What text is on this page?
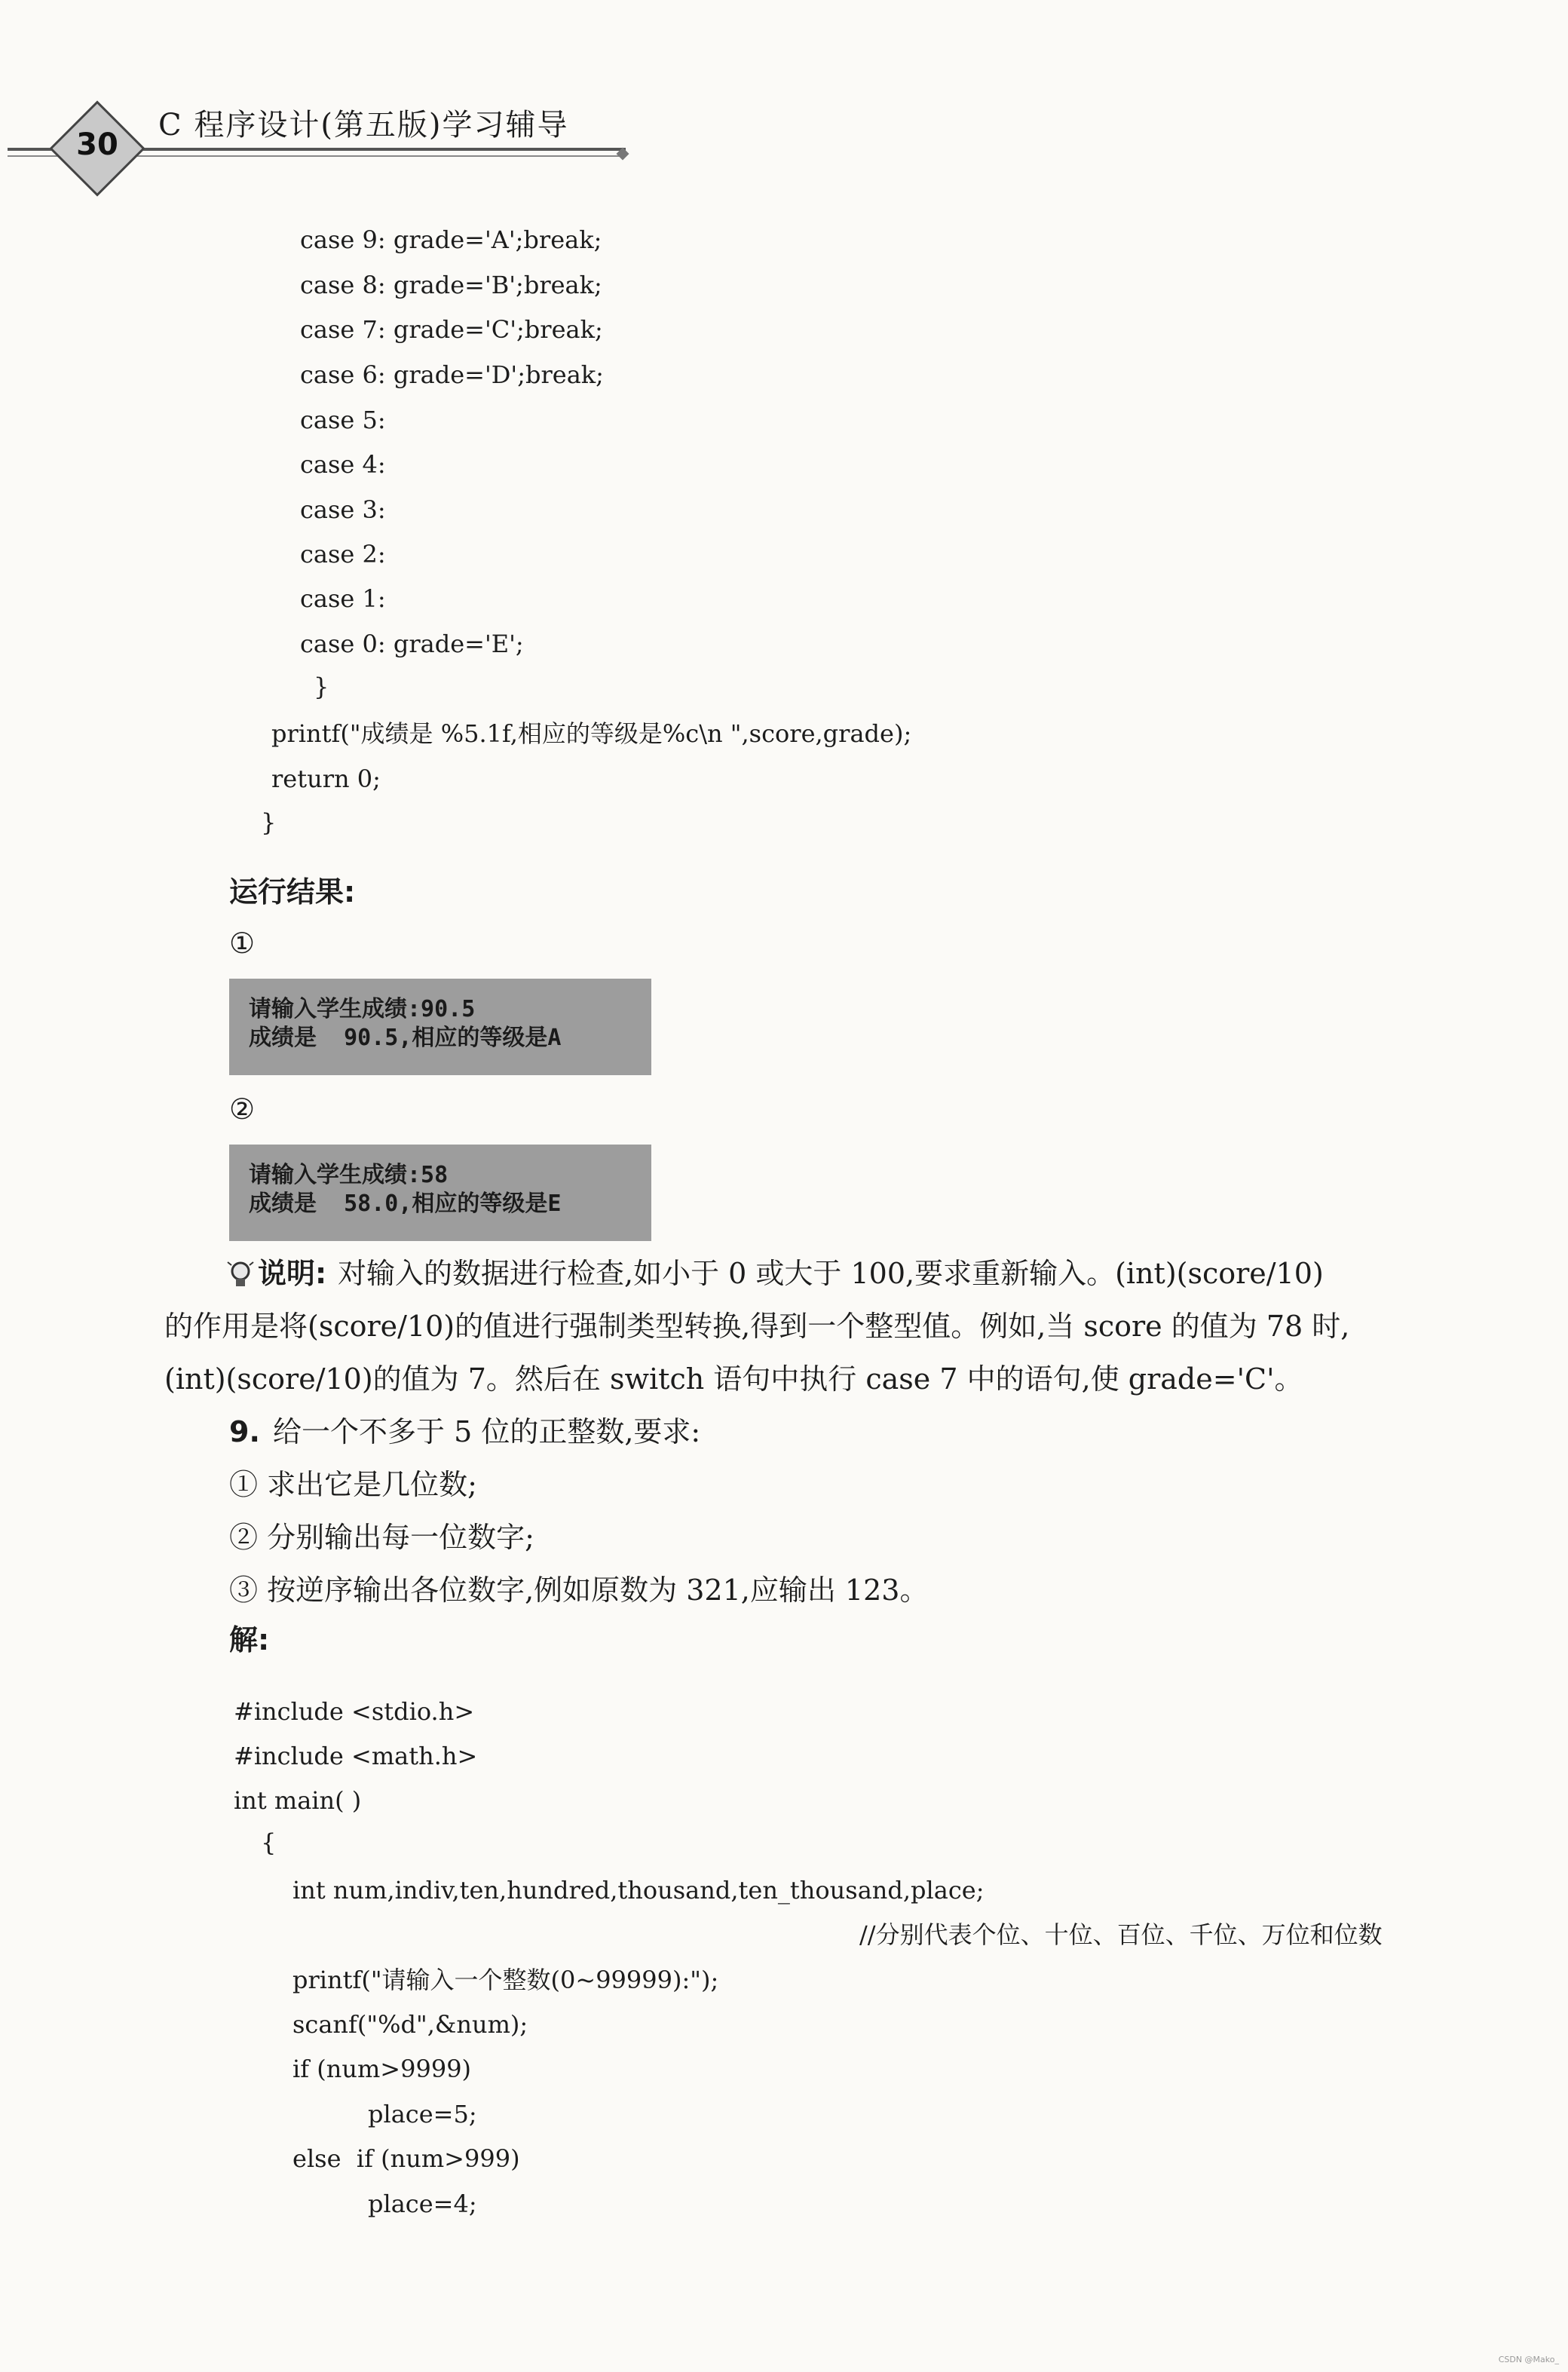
30
C 程序设计(第五版)学习辅导
case 9: grade='A';break;
case 8: grade='B';break;
case 7: grade='C';break;
case 6: grade='D';break;
case 5:
case 4:
case 3:
case 2:
case 1:
case 0: grade='E';
}
printf("成绩是 %5.1f,相应的等级是%c\n ",score,grade);
return 0;
}
运行结果:
①
请输入学生成绩:90.5
成绩是  90.5,相应的等级是A
②
请输入学生成绩:58
成绩是  58.0,相应的等级是E
说明: 对输入的数据进行检查,如小于 0 或大于 100,要求重新输入。(int)(score/10)
的作用是将(score/10)的值进行强制类型转换,得到一个整型值。例如,当 score 的值为 78 时,
(int)(score/10)的值为 7。然后在 switch 语句中执行 case 7 中的语句,使 grade='C'。
9. 给一个不多于 5 位的正整数,要求:
① 求出它是几位数;
② 分别输出每一位数字;
③ 按逆序输出各位数字,例如原数为 321,应输出 123。
解:
#include <stdio.h>
#include <math.h>
int main( )
{
int num,indiv,ten,hundred,thousand,ten_thousand,place;
//分别代表个位、十位、百位、千位、万位和位数
printf("请输入一个整数(0~99999):");
scanf("%d",&num);
if (num>9999)
place=5;
else  if (num>999)
place=4;
CSDN @Mako_
